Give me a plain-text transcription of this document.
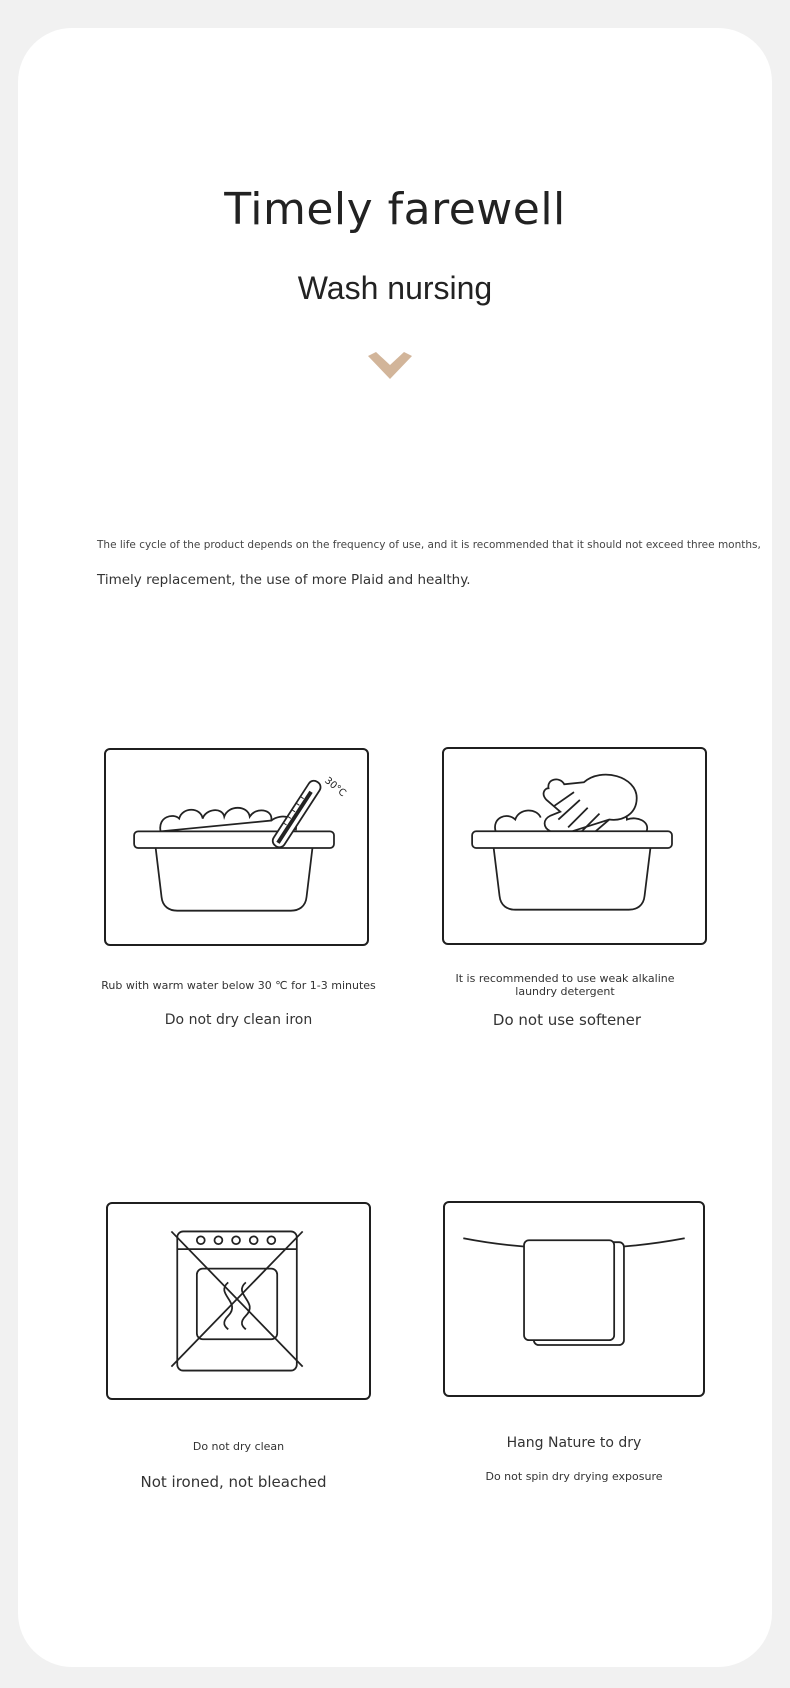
Timely farewell
Wash nursing
The life cycle of the product depends on the frequency of use, and it is recommended that it should not exceed three months,
Timely replacement, the use of more Plaid and healthy.
30°C
Rub with warm water below 30 ℃ for 1-3 minutes
Do not dry clean iron
It is recommended to use weak alkaline laundry detergent
Do not use softener
Do not dry clean
Not ironed, not bleached
Hang Nature to dry
Do not spin dry drying exposure
